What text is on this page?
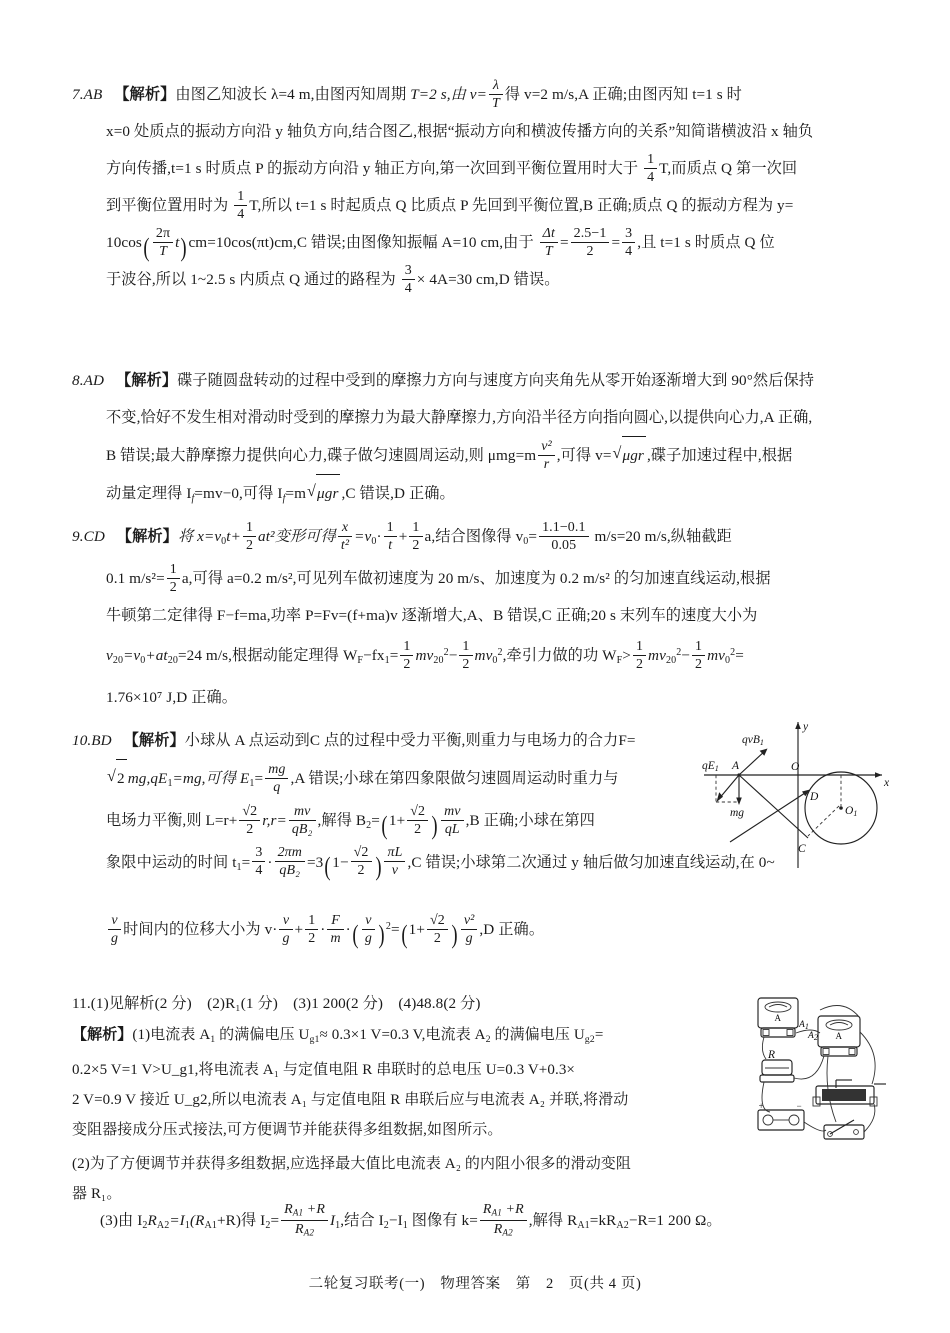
7.AB 【解析】由图乙知波长 λ=4 m,由图丙知周期 T=2 s,由 $v= \frac{\lambda}{T}$ 得 v=2 m/s,A 正确;由图丙知 t=1 s 时
x=0 处质点的振动方向沿 y 轴负方向,结合图乙,根据“振动方向和横波传播方向的关系”知简谐横波沿 x 轴负
方向传播,t=1 s 时质点 P 的振动方向沿 y 轴正方向,第一次回到平衡位置用时大于 $\frac{1}{4} T$,而质点 Q 第一次回
到平衡位置用时为 $\frac{1}{4} T$,所以 t=1 s 时起质点 Q 比质点 P 先回到平衡位置,B 正确;质点 Q 的振动方程为 y=
$10\cos( \frac{2\pi}{T} t)cm=10\cos(\pi t)cm,C$ 错误;由图像知振幅 A=10 cm,由于 $\frac{\Delta t}{T} = \frac{2.5-1}{2} = \frac{3}{4}$ ,且 t=1 s 时质点 Q 位
于波谷,所以 1~2.5 s 内质点 Q 通过的路程为 $\frac{3}{4} \times 4A=30$ cm,D 错误。
8.AD 【解析】碟子随圆盘转动的过程中受到的摩擦力方向与速度方向夹角先从零开始逐渐增大到 90°然后保持
不变,恰好不发生相对滑动时受到的摩擦力为最大静摩擦力,方向沿半径方向指向圆心,以提供向心力,A 正确,
B 错误;最大静摩擦力提供向心力,碟子做匀速圆周运动,则 $\mu mg=m \frac{\text{v²}}{r}$ ,可得 v= √ μgr ,碟子加速过程中,根据
动量定理得 $I_f=mv-0$,可得 $I_f=m$ √ μgr ,C 错误,D 正确。
9.CD 【解析】将 $x=v_0t+ \frac{1}{2} at^2$变形可得 $\frac{x}{\text{t²}} =v_0\cdot \frac{1}{t} + \frac{1}{2} a$,结合图像得 $v_0= \frac{1.1-0.1}{0.05} m/s=20$ m/s,纵轴截距
0.1 $m/s^2= \frac{1}{2} a$,可得 a=0.2 m/s²,可见列车做初速度为 20 m/s、加速度为 0.2 m/s² 的匀加速直线运动,根据
牛顿第二定律得 F−f=ma,功率 P=Fv=(f+ma)v 逐渐增大,A、B 错误,C 正确;20 s 末列车的速度大小为
$v_{20}=v_0+at_{20}=24$ m/s,根据动能定理得 $W_F-fx_1= \frac{1}{2} mv_{20}^2- \frac{1}{2} mv_0^2$,牵引力做的功 $W_F> \frac{1}{2} mv_{20}^2- \frac{1}{2} mv_0^2=$
1.76×10⁷ J,D 正确。
10.BD 【解析】小球从 A 点运动到C 点的过程中受力平衡,则重力与电场力的合力F=
√ 2 $mg,qE_1=mg$,可得 $E_1= \frac{mg}{q} ,A$ 错误;小球在第四象限做匀速圆周运动时重力与
电场力平衡,则 $L=r+ \frac{√2}{2} r,r= \frac{mv}{\text{qB₂}}$ ,解得 $B_2=(1+ \frac{√2}{2}$ ) $\frac{mv}{qL} ,B$ 正确;小球在第四
象限中运动的时间 $t_1= \frac{3}{4} \cdot \frac{2\pi m}{\text{qB₂}} =3(1- \frac{√2}{2}$ ) $\frac{\pi L}{v} ,C$ 错误;小球第二次通过 y 轴后做匀加速直线运动,在 0~
$\frac{v}{g}$ 时间内的位移大小为 $v\cdot \frac{v}{g} + \frac{1}{2} \cdot \frac{F}{m}$ ·( $\frac{v}{g} )^2=(1+ \frac{√2}{2}$ ) $\frac{\text{v²}}{g} ,D$ 正确。
x
y
O
O1
A
qvB1
mg
qE1
C
D
11.(1)见解析(2 分)　(2)R₁(1 分)　(3)1 200(2 分)　(4)48.8(2 分)
【解析】(1)电流表 $A_1$ 的满偏电压 $U_{g1}\approx 0.3\times 1$ V=0.3 V,电流表 $A_2$ 的满偏电压 $U_{g2}=$
0.2×5 V=1 V>U_g1,将电流表 A₁ 与定值电阻 R 串联时的总电压 U=0.3 V+0.3×
2 V=0.9 V 接近 U_g2,所以电流表 A₁ 与定值电阻 R 串联后应与电流表 A₂ 并联,将滑动
变阻器接成分压式接法,可方便调节并能获得多组数据,如图所示。
(2)为了方便调节并获得多组数据,应选择最大值比电流表 A₂ 的内阻小很多的滑动变阻
器 R₁。
(3)由 $I_2R_{A2}=I_1(R_{A1}+R)$得 $I_2= \frac{R_{A1} +R}{R_{A2}} I_1$,结合 $I_2-I_1$ 图像有 $k= \frac{R_{A1} +R}{R_{A2}}$ ,解得 $R_{A1}=kR_{A2}-R=1$ 200 Ω。
A
$A_1$
A
$A_2$
R
+	−
二轮复习联考(一)　物理答案　第　2　页(共 4 页)
